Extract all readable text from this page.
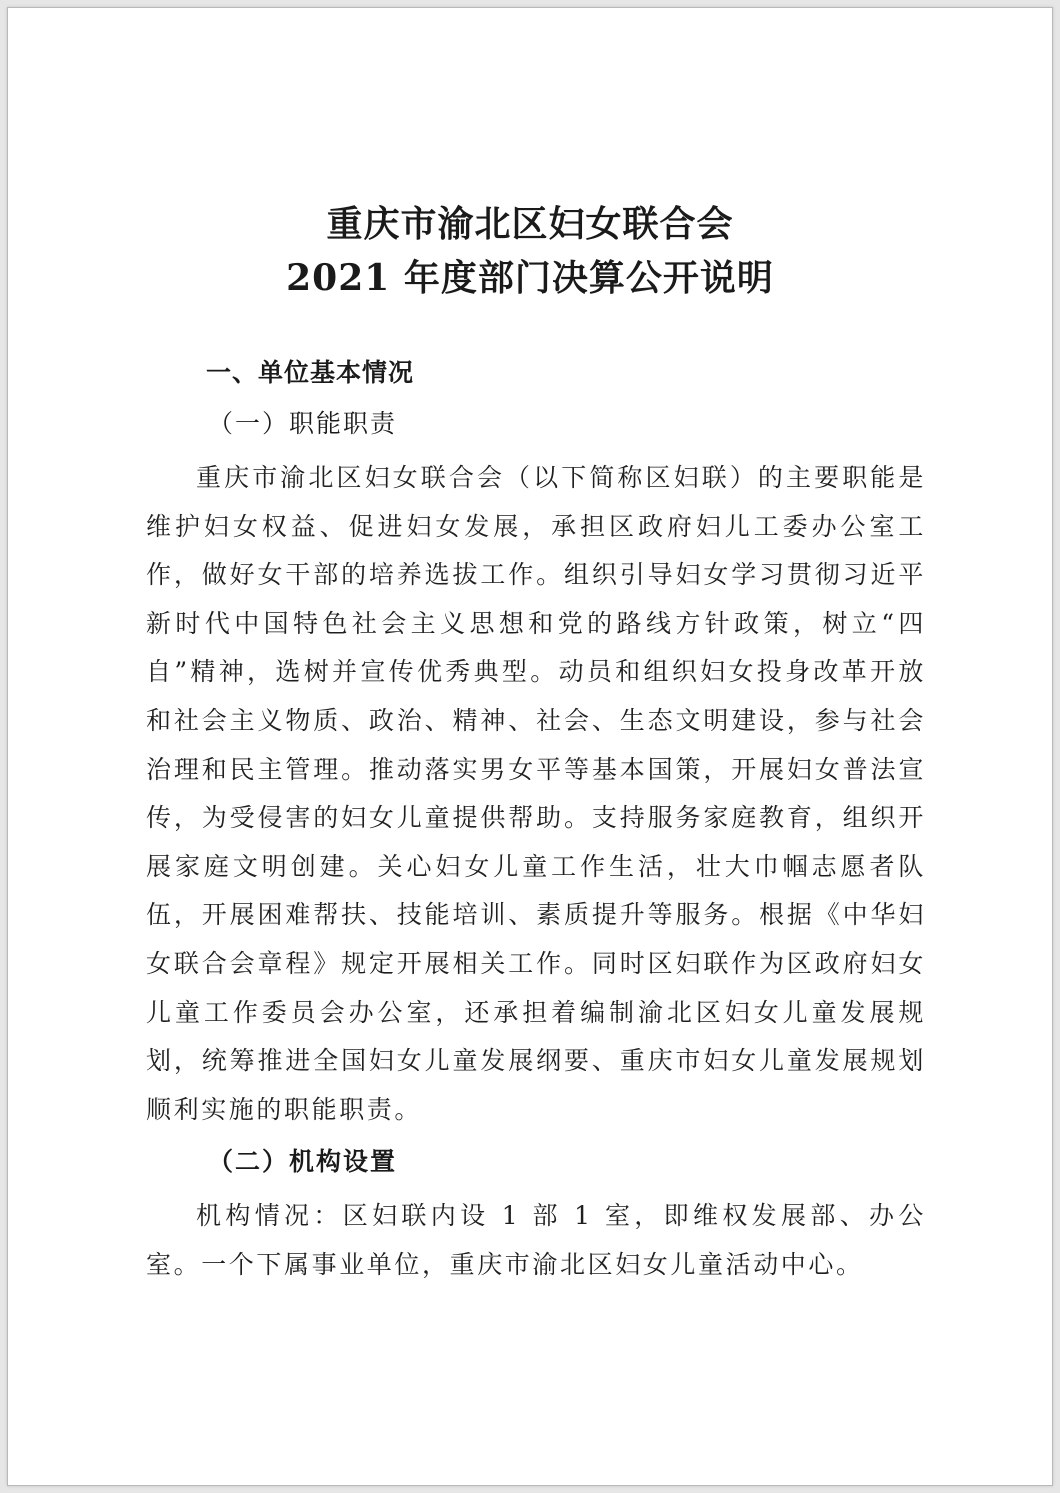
重庆市渝北区妇女联合会
2021 年度部门决算公开说明
一、单位基本情况
（一）职能职责

重庆市渝北区妇女联合会（以下简称区妇联）的主要职能是维护妇女权益、促进妇女发展，承担区政府妇儿工委办公室工作，做好女干部的培养选拔工作。组织引导妇女学习贯彻习近平新时代中国特色社会主义思想和党的路线方针政策，树立“四自”精神，选树并宣传优秀典型。动员和组织妇女投身改革开放和社会主义物质、政治、精神、社会、生态文明建设，参与社会治理和民主管理。推动落实男女平等基本国策，开展妇女普法宣传，为受侵害的妇女儿童提供帮助。支持服务家庭教育，组织开展家庭文明创建。关心妇女儿童工作生活，壮大巾帼志愿者队伍，开展困难帮扶、技能培训、素质提升等服务。根据《中华妇女联合会章程》规定开展相关工作。同时区妇联作为区政府妇女儿童工作委员会办公室，还承担着编制渝北区妇女儿童发展规划，统筹推进全国妇女儿童发展纲要、重庆市妇女儿童发展规划顺利实施的职能职责。

（二）机构设置

机构情况：区妇联内设 1 部 1 室，即维权发展部、办公室。一个下属事业单位，重庆市渝北区妇女儿童活动中心。
